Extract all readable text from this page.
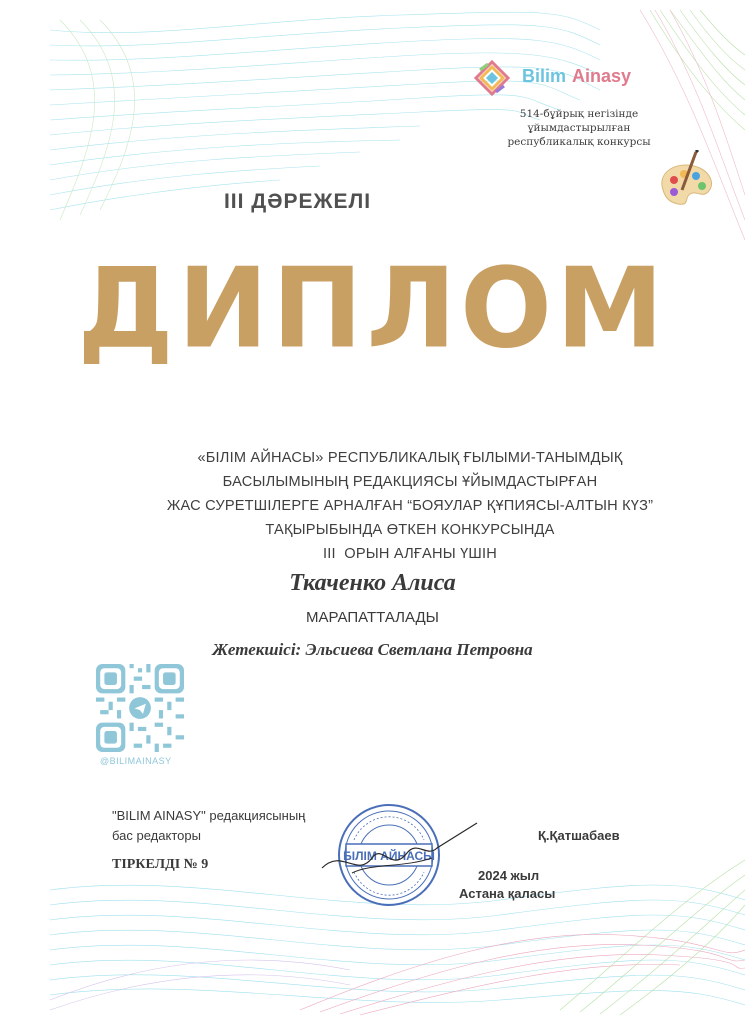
Bilim Ainasy
514-бұйрық негізінде ұйымдастырылған
республикалық конкурсы
ІІІ ДӘРЕЖЕЛІ
ДИПЛОМ
«БІЛІМ АЙНАСЫ» РЕСПУБЛИКАЛЫҚ ҒЫЛЫМИ-ТАНЫМДЫҚ
БАСЫЛЫМЫНЫҢ РЕДАКЦИЯСЫ ҰЙЫМДАСТЫРҒАН
ЖАС СУРЕТШІЛЕРГЕ АРНАЛҒАН “БОЯУЛАР ҚҰПИЯСЫ-АЛТЫН КҮЗ”
ТАҚЫРЫБЫНДА ӨТКЕН КОНКУРСЫНДА
ІІІ  ОРЫН АЛҒАНЫ ҮШІН
Ткаченко Алиса
МАРАПАТТАЛАДЫ
Жетекшісі: Эльсиева Светлана Петровна
@BILIMAINASY
"BILIM AINASY" редакциясының
бас редакторы
ТІРКЕЛДІ № 9
БІЛІМ АЙНАСЫ
Қ.Қатшабаев
2024 жыл
Астана қаласы
